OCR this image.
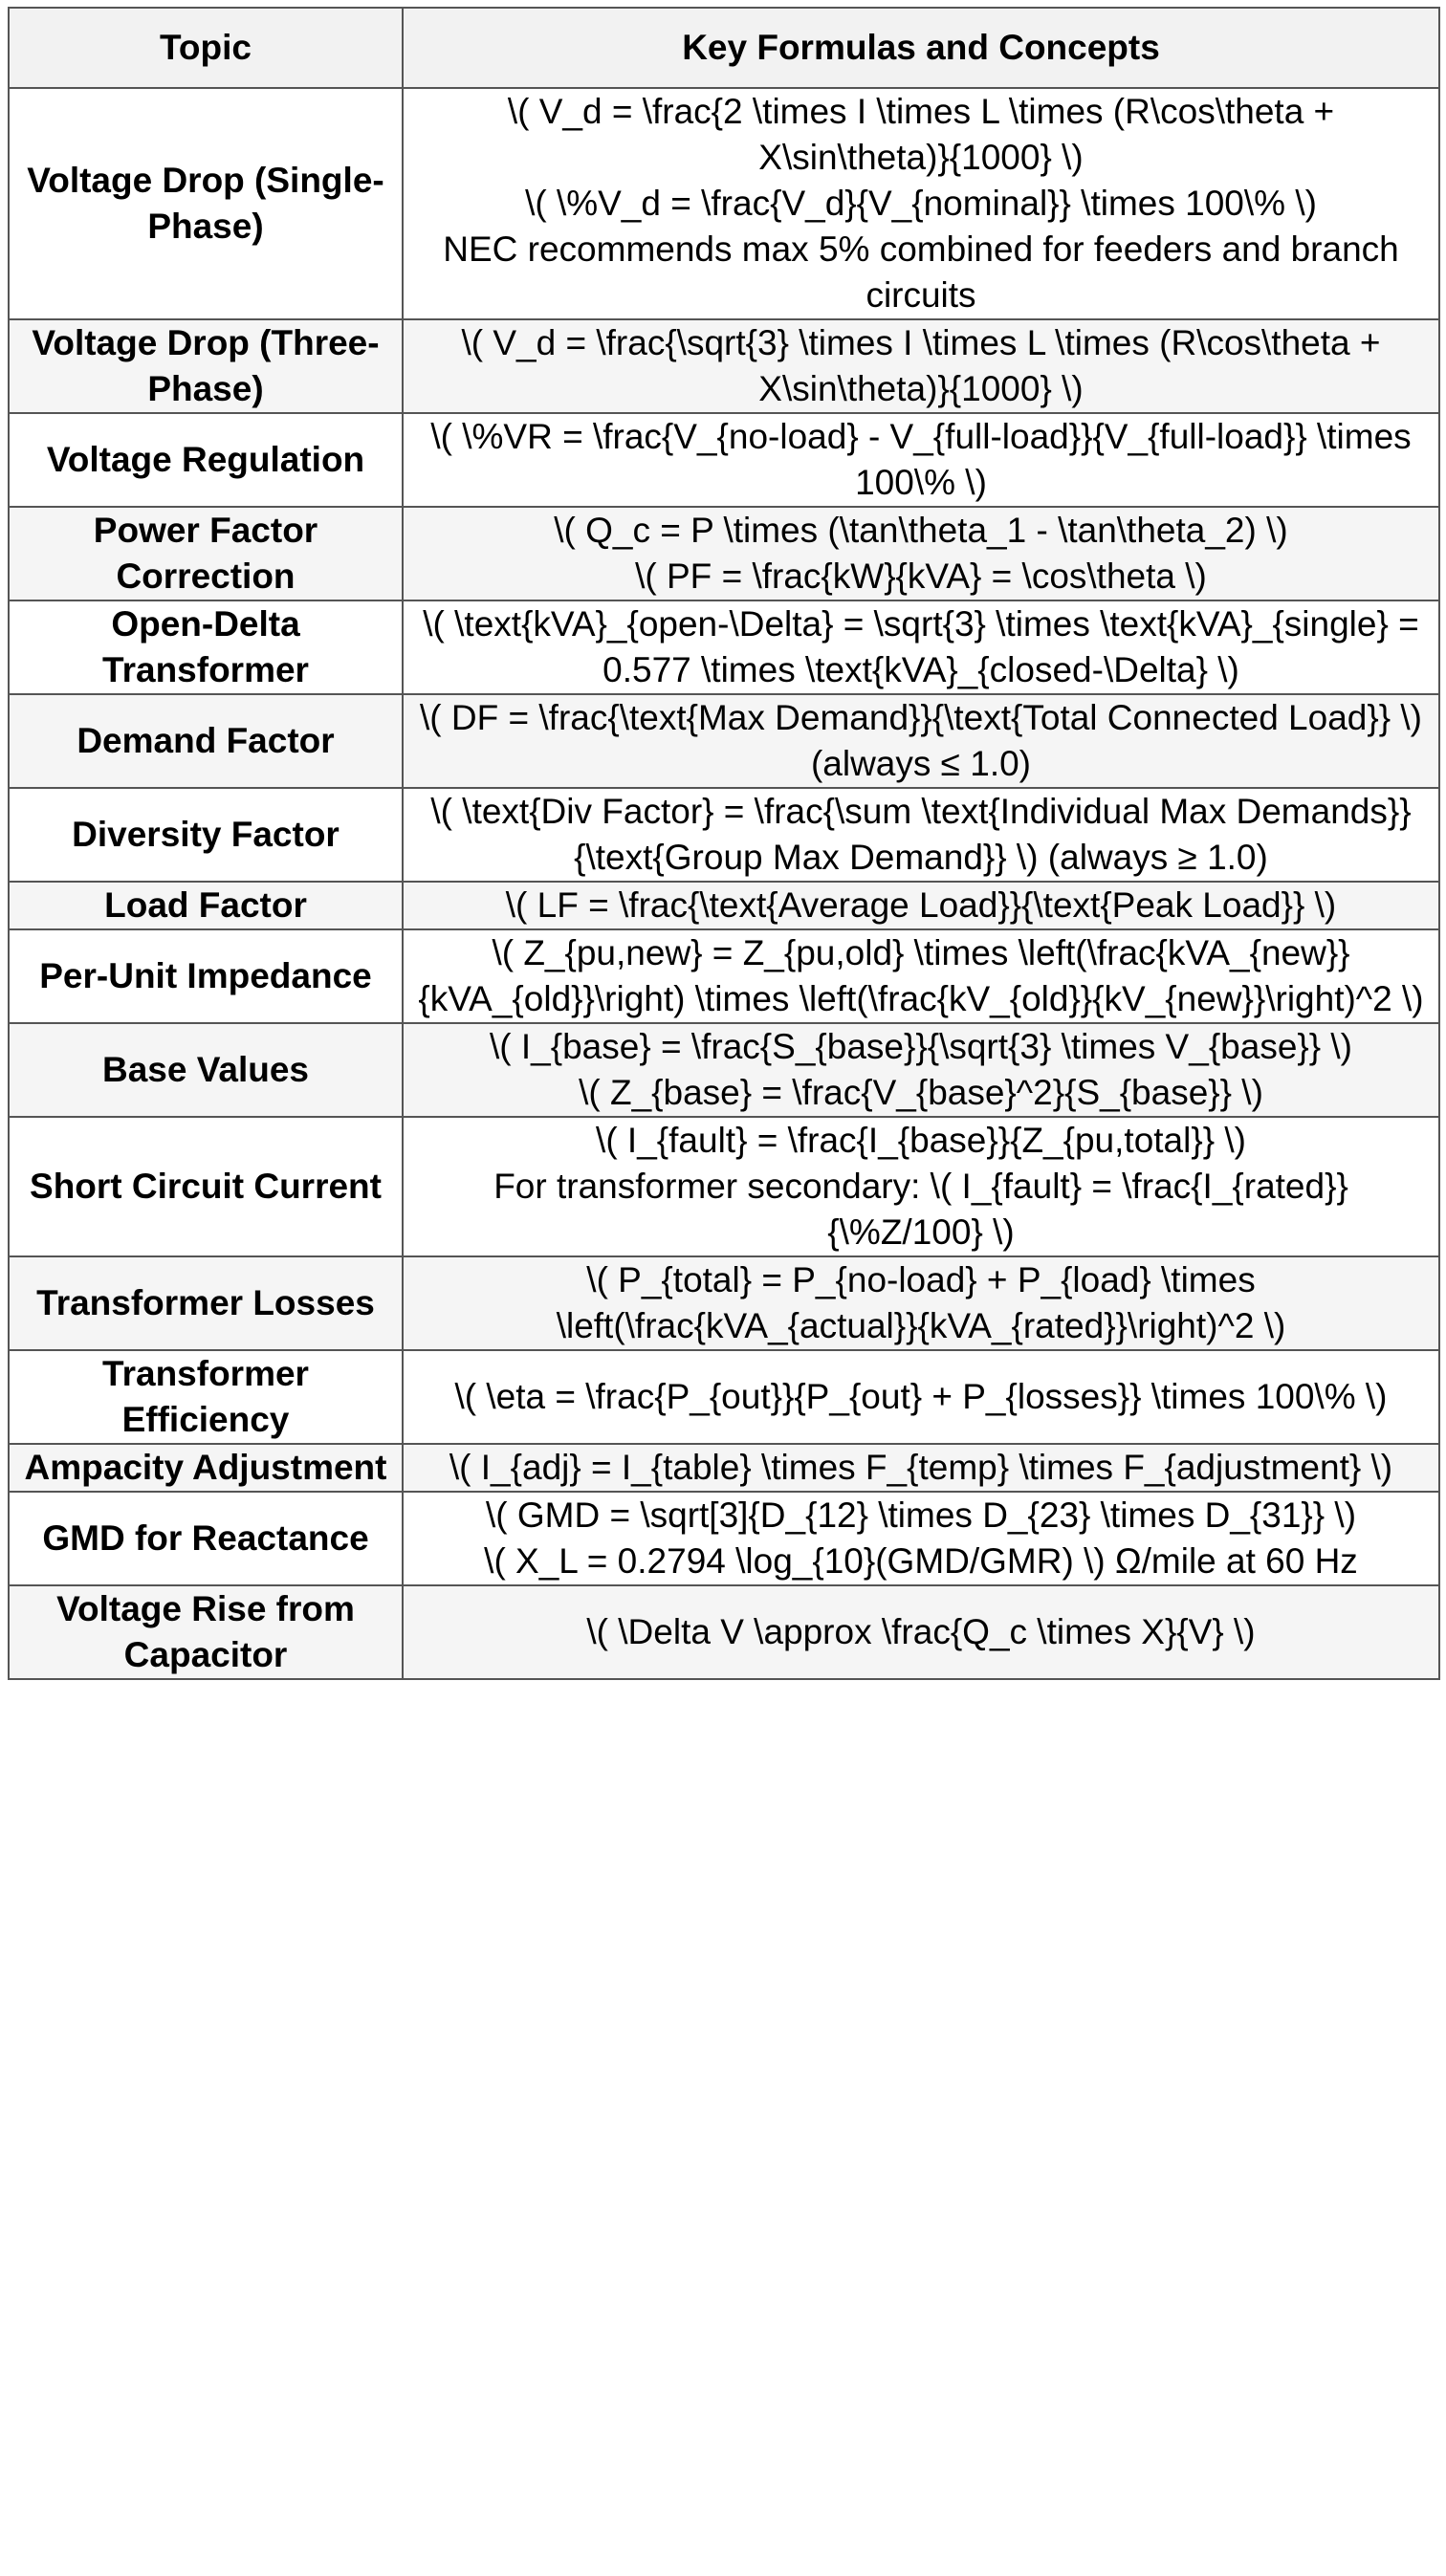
Topic	Key Formulas and Concepts
Voltage Drop (Single-Phase)	\( V_d = \frac{2 \times I \times L \times (R\cos\theta + X\sin\theta)}{1000} \)
\( \%V_d = \frac{V_d}{V_{nominal}} \times 100\% \)
NEC recommends max 5% combined for feeders and branch circuits

Voltage Drop (Three-Phase)	\( V_d = \frac{\sqrt{3} \times I \times L \times (R\cos\theta + X\sin\theta)}{1000} \)

Voltage Regulation	\( \%VR = \frac{V_{no-load} - V_{full-load}}{V_{full-load}} \times 100\% \)

Power Factor Correction	\( Q_c = P \times (\tan\theta_1 - \tan\theta_2) \)
\( PF = \frac{kW}{kVA} = \cos\theta \)

Open-Delta Transformer	\( \text{kVA}_{open-\Delta} = \sqrt{3} \times \text{kVA}_{single} = 0.577 \times \text{kVA}_{closed-\Delta} \)

Demand Factor	\( DF = \frac{\text{Max Demand}}{\text{Total Connected Load}} \) (always ≤ 1.0)

Diversity Factor	\( \text{Div Factor} = \frac{\sum \text{Individual Max Demands}}{\text{Group Max Demand}} \) (always ≥ 1.0)

Load Factor	\( LF = \frac{\text{Average Load}}{\text{Peak Load}} \)

Per-Unit Impedance	\( Z_{pu,new} = Z_{pu,old} \times \left(\frac{kVA_{new}}{kVA_{old}}\right) \times \left(\frac{kV_{old}}{kV_{new}}\right)^2 \)

Base Values	\( I_{base} = \frac{S_{base}}{\sqrt{3} \times V_{base}} \)
\( Z_{base} = \frac{V_{base}^2}{S_{base}} \)

Short Circuit Current	\( I_{fault} = \frac{I_{base}}{Z_{pu,total}} \)
For transformer secondary: \( I_{fault} = \frac{I_{rated}}{\%Z/100} \)

Transformer Losses	\( P_{total} = P_{no-load} + P_{load} \times \left(\frac{kVA_{actual}}{kVA_{rated}}\right)^2 \)

Transformer Efficiency	\( \eta = \frac{P_{out}}{P_{out} + P_{losses}} \times 100\% \)

Ampacity Adjustment	\( I_{adj} = I_{table} \times F_{temp} \times F_{adjustment} \)

GMD for Reactance	\( GMD = \sqrt[3]{D_{12} \times D_{23} \times D_{31}} \)
\( X_L = 0.2794 \log_{10}(GMD/GMR) \) Ω/mile at 60 Hz

Voltage Rise from Capacitor	\( \Delta V \approx \frac{Q_c \times X}{V} \)
